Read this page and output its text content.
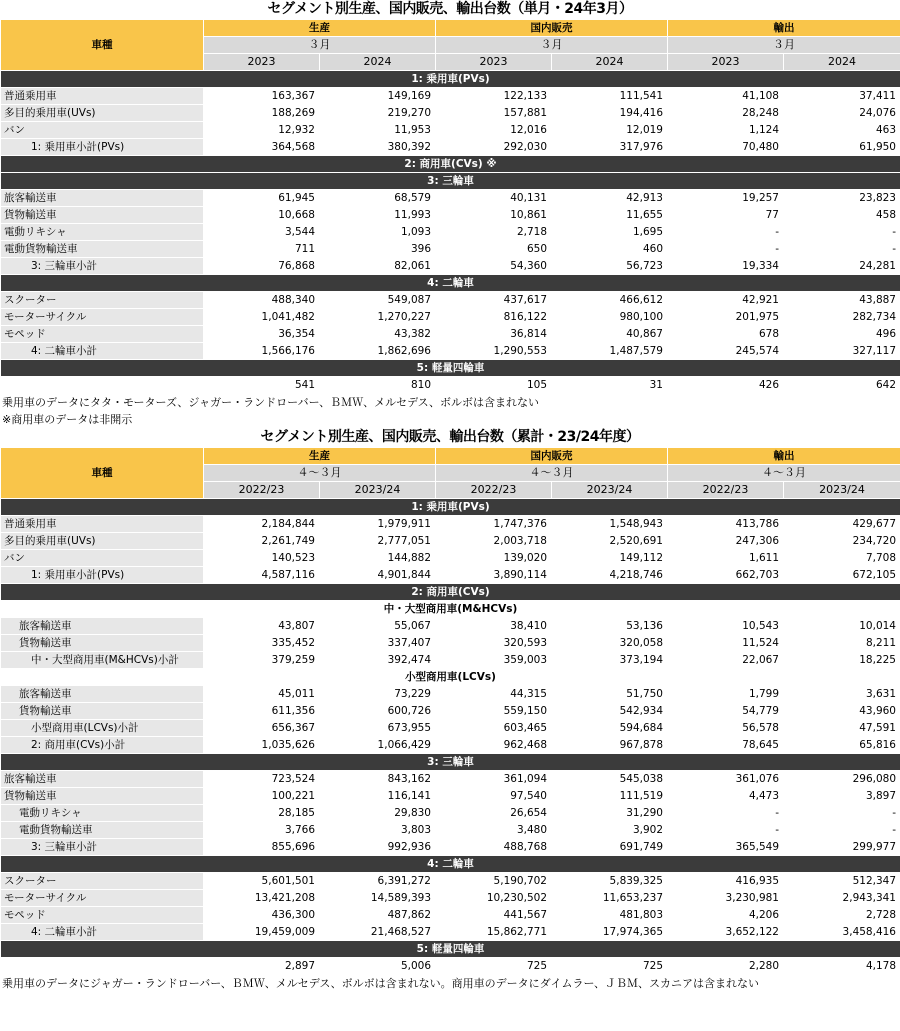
セグメント別生産、国内販売、輸出台数（単月・24年3月）
車種	生産		国内販売		輸出	
	３月		３月		３月	
	2023	2024	2023	2024	2023	2024
1: 乗用車(PVs)						
普通乗用車	163,367	149,169	122,133	111,541	41,108	37,411
多目的乗用車(UVs)	188,269	219,270	157,881	194,416	28,248	24,076
バン	12,932	11,953	12,016	12,019	1,124	463
1: 乗用車小計(PVs)	364,568	380,392	292,030	317,976	70,480	61,950
2: 商用車(CVs) ※						
3: 三輪車						
旅客輸送車	61,945	68,579	40,131	42,913	19,257	23,823
貨物輸送車	10,668	11,993	10,861	11,655	77	458
電動リキシャ	3,544	1,093	2,718	1,695	-	-
電動貨物輸送車	711	396	650	460	-	-
3: 三輪車小計	76,868	82,061	54,360	56,723	19,334	24,281
4: 二輪車						
スクーター	488,340	549,087	437,617	466,612	42,921	43,887
モーターサイクル	1,041,482	1,270,227	816,122	980,100	201,975	282,734
モペッド	36,354	43,382	36,814	40,867	678	496
4: 二輪車小計	1,566,176	1,862,696	1,290,553	1,487,579	245,574	327,117
5: 軽量四輪車						
	541	810	105	31	426	642
乗用車のデータにタタ・モーターズ、ジャガー・ランドローバー、ＢＭＷ、メルセデス、ボルボは含まれない
※商用車のデータは非開示
セグメント別生産、国内販売、輸出台数（累計・23/24年度）
車種	生産		国内販売		輸出	
	４～３月		４～３月		４～３月	
	2022/23	2023/24	2022/23	2023/24	2022/23	2023/24
1: 乗用車(PVs)						
普通乗用車	2,184,844	1,979,911	1,747,376	1,548,943	413,786	429,677
多目的乗用車(UVs)	2,261,749	2,777,051	2,003,718	2,520,691	247,306	234,720
バン	140,523	144,882	139,020	149,112	1,611	7,708
1: 乗用車小計(PVs)	4,587,116	4,901,844	3,890,114	4,218,746	662,703	672,105
2: 商用車(CVs)						
中・大型商用車(M&HCVs)						
旅客輸送車	43,807	55,067	38,410	53,136	10,543	10,014
貨物輸送車	335,452	337,407	320,593	320,058	11,524	8,211
中・大型商用車(M&HCVs)小計	379,259	392,474	359,003	373,194	22,067	18,225
小型商用車(LCVs)						
旅客輸送車	45,011	73,229	44,315	51,750	1,799	3,631
貨物輸送車	611,356	600,726	559,150	542,934	54,779	43,960
小型商用車(LCVs)小計	656,367	673,955	603,465	594,684	56,578	47,591
2: 商用車(CVs)小計	1,035,626	1,066,429	962,468	967,878	78,645	65,816
3: 三輪車						
旅客輸送車	723,524	843,162	361,094	545,038	361,076	296,080
貨物輸送車	100,221	116,141	97,540	111,519	4,473	3,897
電動リキシャ	28,185	29,830	26,654	31,290	-	-
電動貨物輸送車	3,766	3,803	3,480	3,902	-	-
3: 三輪車小計	855,696	992,936	488,768	691,749	365,549	299,977
4: 二輪車						
スクーター	5,601,501	6,391,272	5,190,702	5,839,325	416,935	512,347
モーターサイクル	13,421,208	14,589,393	10,230,502	11,653,237	3,230,981	2,943,341
モペッド	436,300	487,862	441,567	481,803	4,206	2,728
4: 二輪車小計	19,459,009	21,468,527	15,862,771	17,974,365	3,652,122	3,458,416
5: 軽量四輪車						
	2,897	5,006	725	725	2,280	4,178
乗用車のデータにジャガー・ランドローバー、ＢＭＷ、メルセデス、ボルボは含まれない。商用車のデータにダイムラー、ＪＢＭ、スカニアは含まれない
